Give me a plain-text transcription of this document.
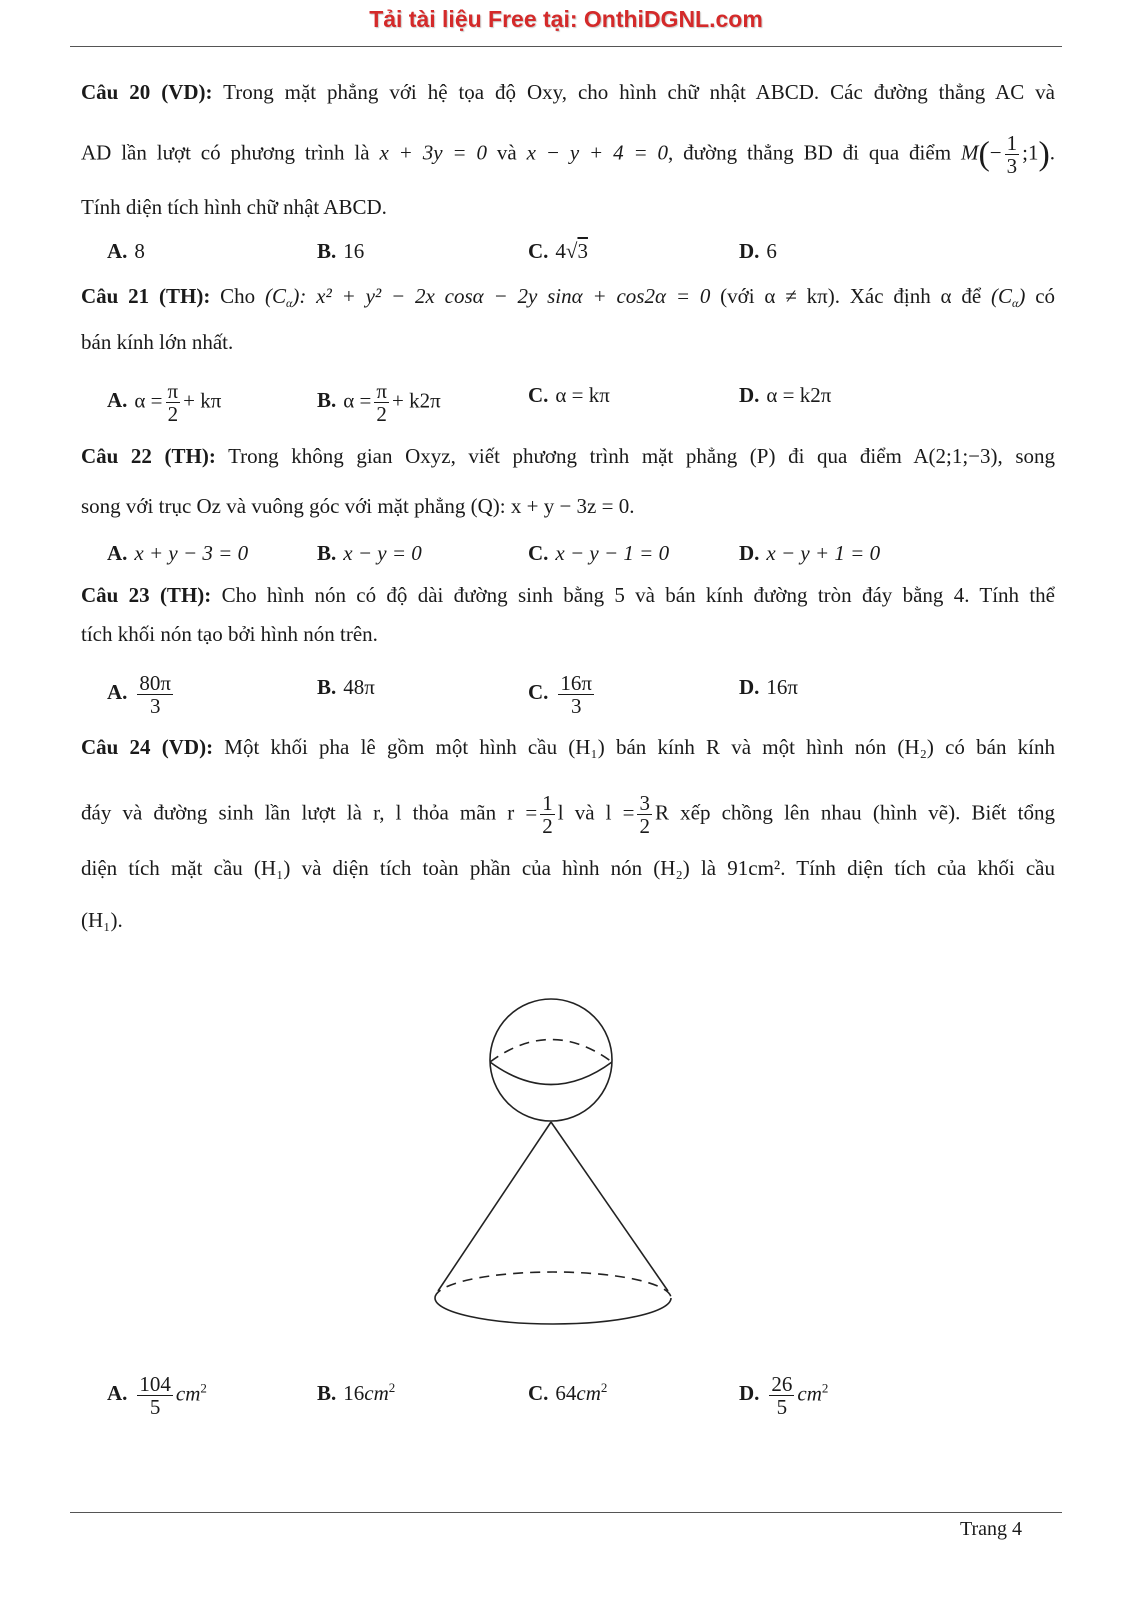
Tải tài liệu Free tại: OnthiDGNL.com
Câu 20 (VD): Trong mặt phẳng với hệ tọa độ Oxy, cho hình chữ nhật ABCD. Các đường thẳng AC và
AD lần lượt có phương trình là x + 3y = 0 và x − y + 4 = 0, đường thẳng BD đi qua điểm $M(- \frac{1}{3}$ ;1).
Tính diện tích hình chữ nhật ABCD.
A. 8	B. 16	C. 4√3	D. 6
Câu 21 (TH): Cho $(C_\alpha)$: x² + y² − 2x cosα − 2y sinα + cos2α = 0 (với α ≠ kπ). Xác định α để $(C_\alpha)$ có
bán kính lớn nhất.
A. $\alpha = \frac{\pi}{2} + k\pi$	B. $\alpha = \frac{\pi}{2} + k2\pi$	C. α = kπ	D. α = k2π
Câu 22 (TH): Trong không gian Oxyz, viết phương trình mặt phẳng (P) đi qua điểm A(2;1;−3), song
song với trục Oz và vuông góc với mặt phẳng (Q): x + y − 3z = 0.
A. x + y − 3 = 0	B. x − y = 0	C. x − y − 1 = 0	D. x − y + 1 = 0
Câu 23 (TH): Cho hình nón có độ dài đường sinh bằng 5 và bán kính đường tròn đáy bằng 4. Tính thể
tích khối nón tạo bởi hình nón trên.
A. $\frac{80\pi}{3}$	B. 48π	C. $\frac{16\pi}{3}$	D. 16π
Câu 24 (VD): Một khối pha lê gồm một hình cầu (H₁) bán kính R và một hình nón (H₂) có bán kính
đáy và đường sinh lần lượt là r, l thỏa mãn $r = \frac{1}{2}$ l và $l = \frac{3}{2}$ R xếp chồng lên nhau (hình vẽ). Biết tổng
diện tích mặt cầu (H₁) và diện tích toàn phần của hình nón (H₂) là 91cm². Tính diện tích của khối cầu
(H₁).
A. $\frac{104}{5} cm^2$	B. $16cm^2$	C. $64cm^2$	D. $\frac{26}{5} cm^2$
Trang 4
